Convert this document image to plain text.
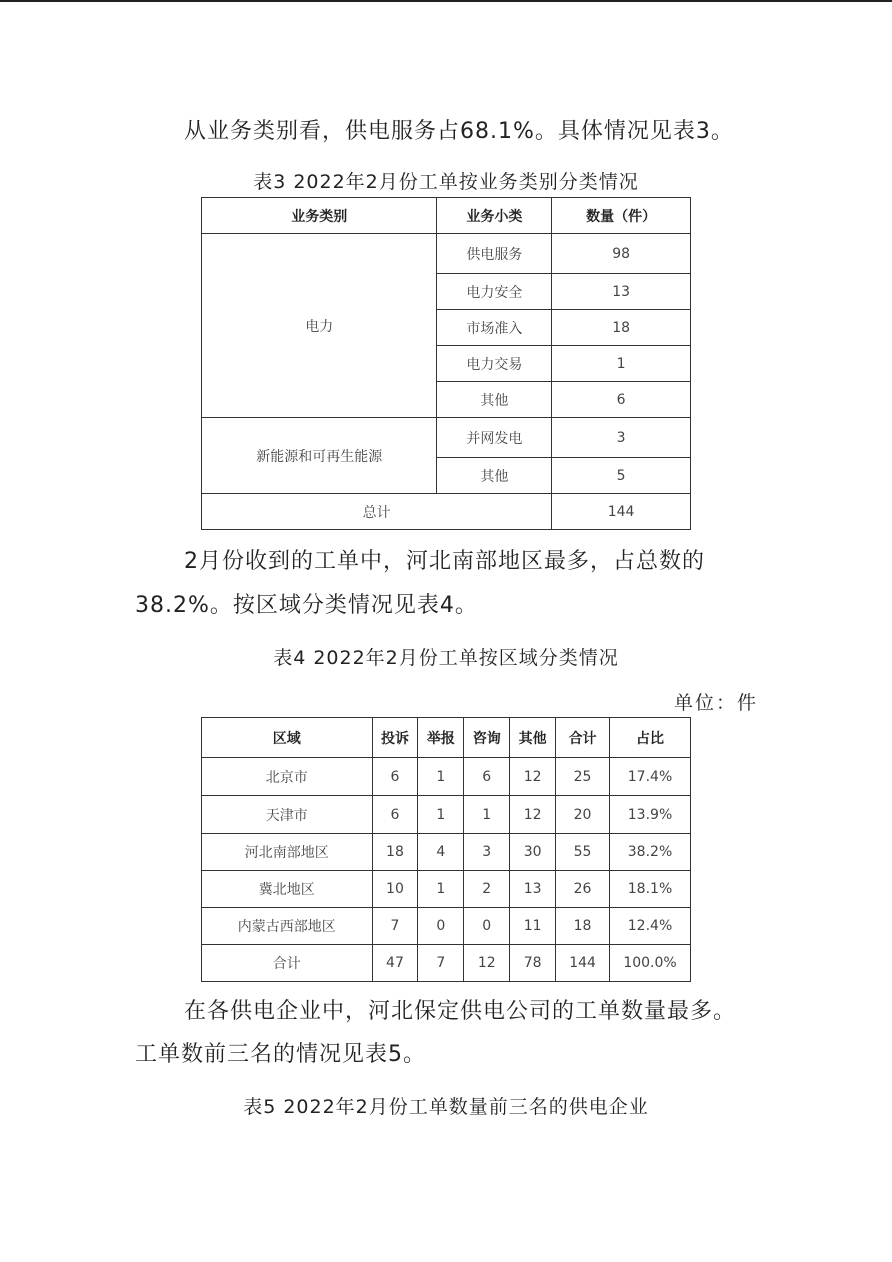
从业务类别看，供电服务占68.1%。具体情况见表3。

表3 2022年2月份工单按业务类别分类情况

业务类别	业务小类	数量（件）
电力	供电服务	98
	电力安全	13
	市场准入	18
	电力交易	1
	其他	6
新能源和可再生能源	并网发电	3
	其他	5
总计		144

2月份收到的工单中，河北南部地区最多，占总数的

38.2%。按区域分类情况见表4。

表4 2022年2月份工单按区域分类情况

单位：件
区域	投诉	举报	咨询	其他	合计	占比
北京市	6	1	6	12	25	17.4%
天津市	6	1	1	12	20	13.9%
河北南部地区	18	4	3	30	55	38.2%
冀北地区	10	1	2	13	26	18.1%
内蒙古西部地区	7	0	0	11	18	12.4%
合计	47	7	12	78	144	100.0%

在各供电企业中，河北保定供电公司的工单数量最多。

工单数前三名的情况见表5。

表5 2022年2月份工单数量前三名的供电企业
